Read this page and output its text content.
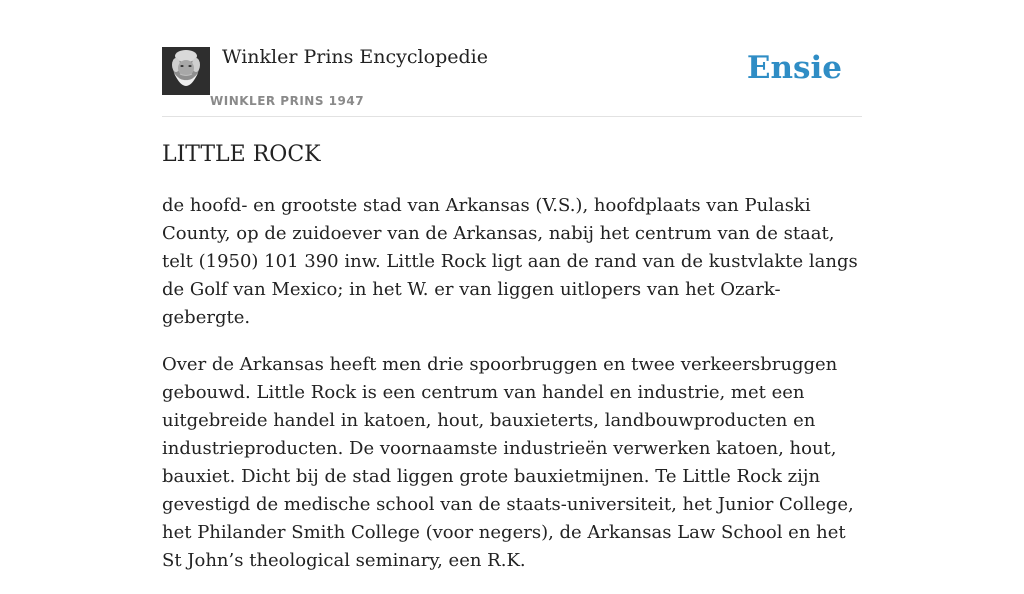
Winkler Prins Encyclopedie
WINKLER PRINS 1947
Ensie
LITTLE ROCK

de hoofd- en grootste stad van Arkansas (V.S.), hoofdplaats van Pulaski County, op de zuidoever van de Arkansas, nabij het centrum van de staat, telt (1950) 101 390 inw. Little Rock ligt aan de rand van de kustvlakte langs de Golf van Mexico; in het W. er van liggen uitlopers van het Ozark-gebergte.

Over de Arkansas heeft men drie spoorbruggen en twee verkeersbruggen gebouwd. Little Rock is een centrum van handel en industrie, met een uitgebreide handel in katoen, hout, bauxieterts, landbouwproducten en industrieproducten. De voornaamste industrieën verwerken katoen, hout, bauxiet. Dicht bij de stad liggen grote bauxietmijnen. Te Little Rock zijn gevestigd de medische school van de staats-universiteit, het Junior College, het Philander Smith College (voor negers), de Arkansas Law School en het St John’s theological seminary, een R.K.
